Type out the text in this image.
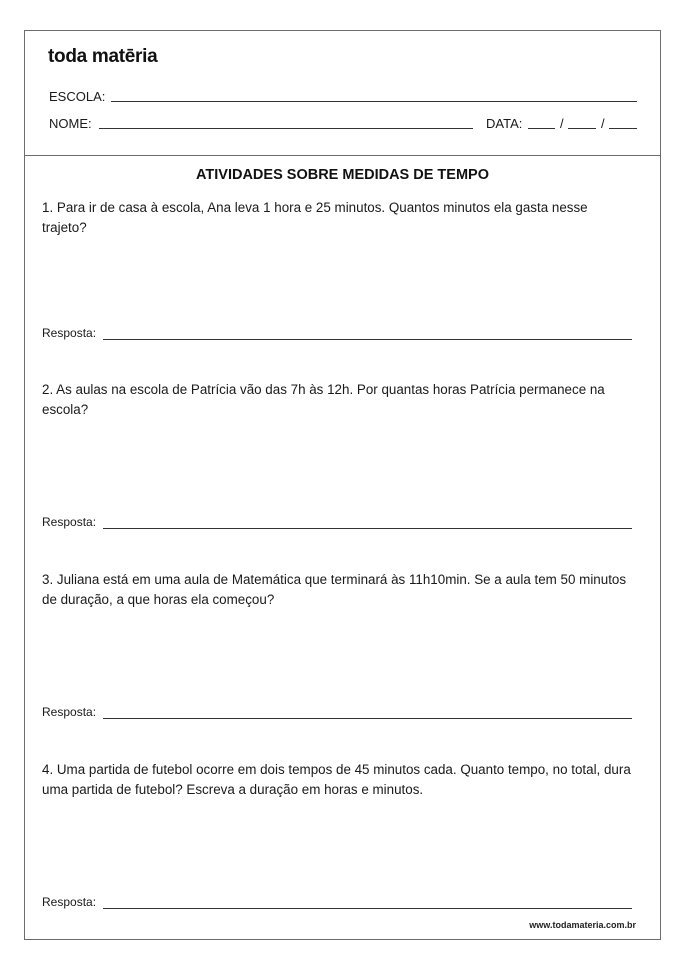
toda matēria
ESCOLA:
NOME:	DATA:	/	/
ATIVIDADES SOBRE MEDIDAS DE TEMPO
1. Para ir de casa à escola, Ana leva 1 hora e 25 minutos. Quantos minutos ela gasta nesse trajeto?
Resposta:
2. As aulas na escola de Patrícia vão das 7h às 12h. Por quantas horas Patrícia permanece na escola?
Resposta:
3. Juliana está em uma aula de Matemática que terminará às 11h10min. Se a aula tem 50 minutos de duração, a que horas ela começou?
Resposta:
4. Uma partida de futebol ocorre em dois tempos de 45 minutos cada. Quanto tempo, no total, dura uma partida de futebol? Escreva a duração em horas e minutos.
Resposta:
www.todamateria.com.br
